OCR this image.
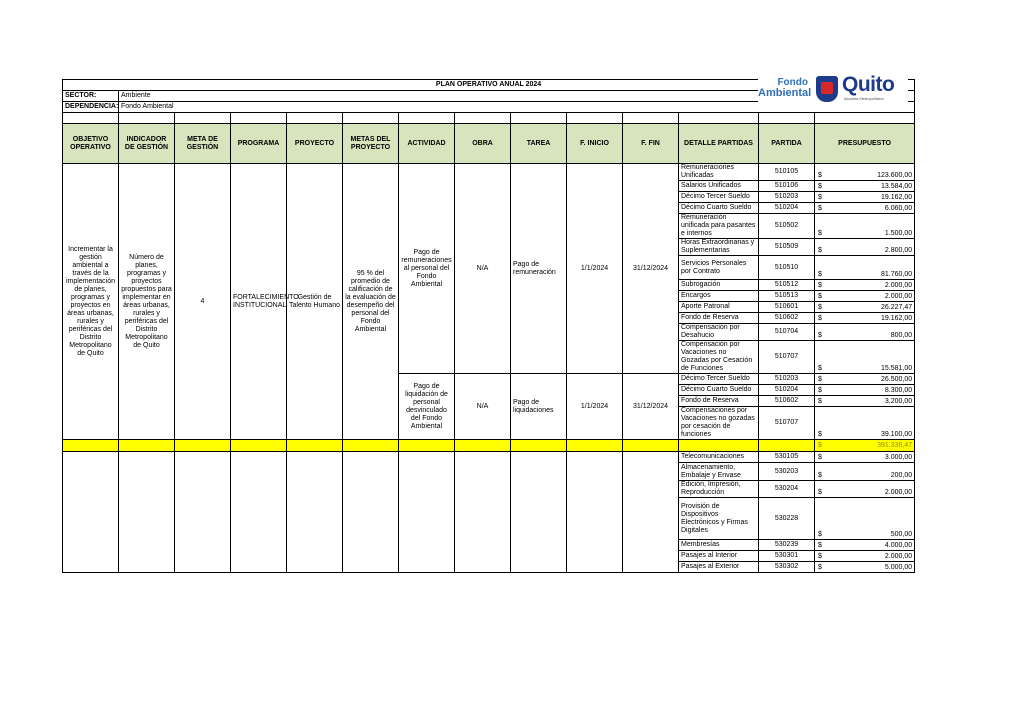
PLAN OPERATIVO ANUAL 2024														
SECTOR:	Ambiente													
DEPENDENCIA:	Fondo Ambiental													

OBJETIVO OPERATIVO	INDICADOR DE GESTIÓN	META DE GESTIÓN	PROGRAMA	PROYECTO	METAS DEL PROYECTO	ACTIVIDAD	OBRA	TAREA	F. INICIO	F. FIN	DETALLE PARTIDAS	PARTIDA	PRESUPUESTO	
Incrementar la gestión ambiental a través de la implementación de planes, programas y proyectos en áreas urbanas, rurales y periféricas del Distrito Metropolitano de Quito	Número de planes, programas y proyectos propuestos para implementar en áreas urbanas, rurales y periféricas del Distrito Metropolitano de Quito	4	FORTALECIMIENTO INSTITUCIONAL	Gestión de Talento Humano	95 % del promedio de calificación de la evaluación de desempeño del personal del Fondo Ambiental	Pago de remuneraciones al personal del Fondo Ambiental	N/A	Pago de remuneración	1/1/2024	31/12/2024	Remuneraciones Unificadas	510105	$	123.600,00
											Salarios Unificados	510106	$	13.584,00
											Décimo Tercer Sueldo	510203	$	19.162,00
											Décimo Cuarto Sueldo	510204	$	6.060,00
											Remuneración unificada para pasantes e internos	510502	$	1.500,00
											Horas Extraordinarias y Suplementarias	510509	$	2.800,00
											Servicios Personales por Contrato	510510	$	81.760,00
											Subrogación	510512	$	2.000,00
											Encargos	510513	$	2.000,00
											Aporte Patronal	510601	$	26.227,47
											Fondo de Reserva	510602	$	19.162,00
											Compensación por Desahucio	510704	$	800,00
											Compensación por Vacaciones no Gozadas por Cesación de Funciones	510707	$	15.581,00
						Pago de liquidación de personal desvinculado del Fondo Ambiental	N/A	Pago de liquidaciones	1/1/2024	31/12/2024	Décimo Tercer Sueldo	510203	$	26.500,00
											Décimo Cuarto Sueldo	510204	$	8.300,00
											Fondo de Reserva	510602	$	3.200,00
											Compensaciones por Vacaciones no gozadas por cesación de funciones	510707	$	39.100,00
													$	391.336,47
											Telecomunicaciones	530105	$	3.000,00
											Almacenamiento, Embalaje y Envase	530203	$	200,00
											Edición, Impresión, Reproducción	530204	$	2.000,00
											Provisión de Dispositivos Electrónicos y Firmas Digitales	530228	$	500,00
											Membresías	530239	$	4.000,00
											Pasajes al Interior	530301	$	2.000,00
											Pasajes al Exterior	530302	$	5.000,00
Fondo
Ambiental Quito
Alcaldía Metropolitana
